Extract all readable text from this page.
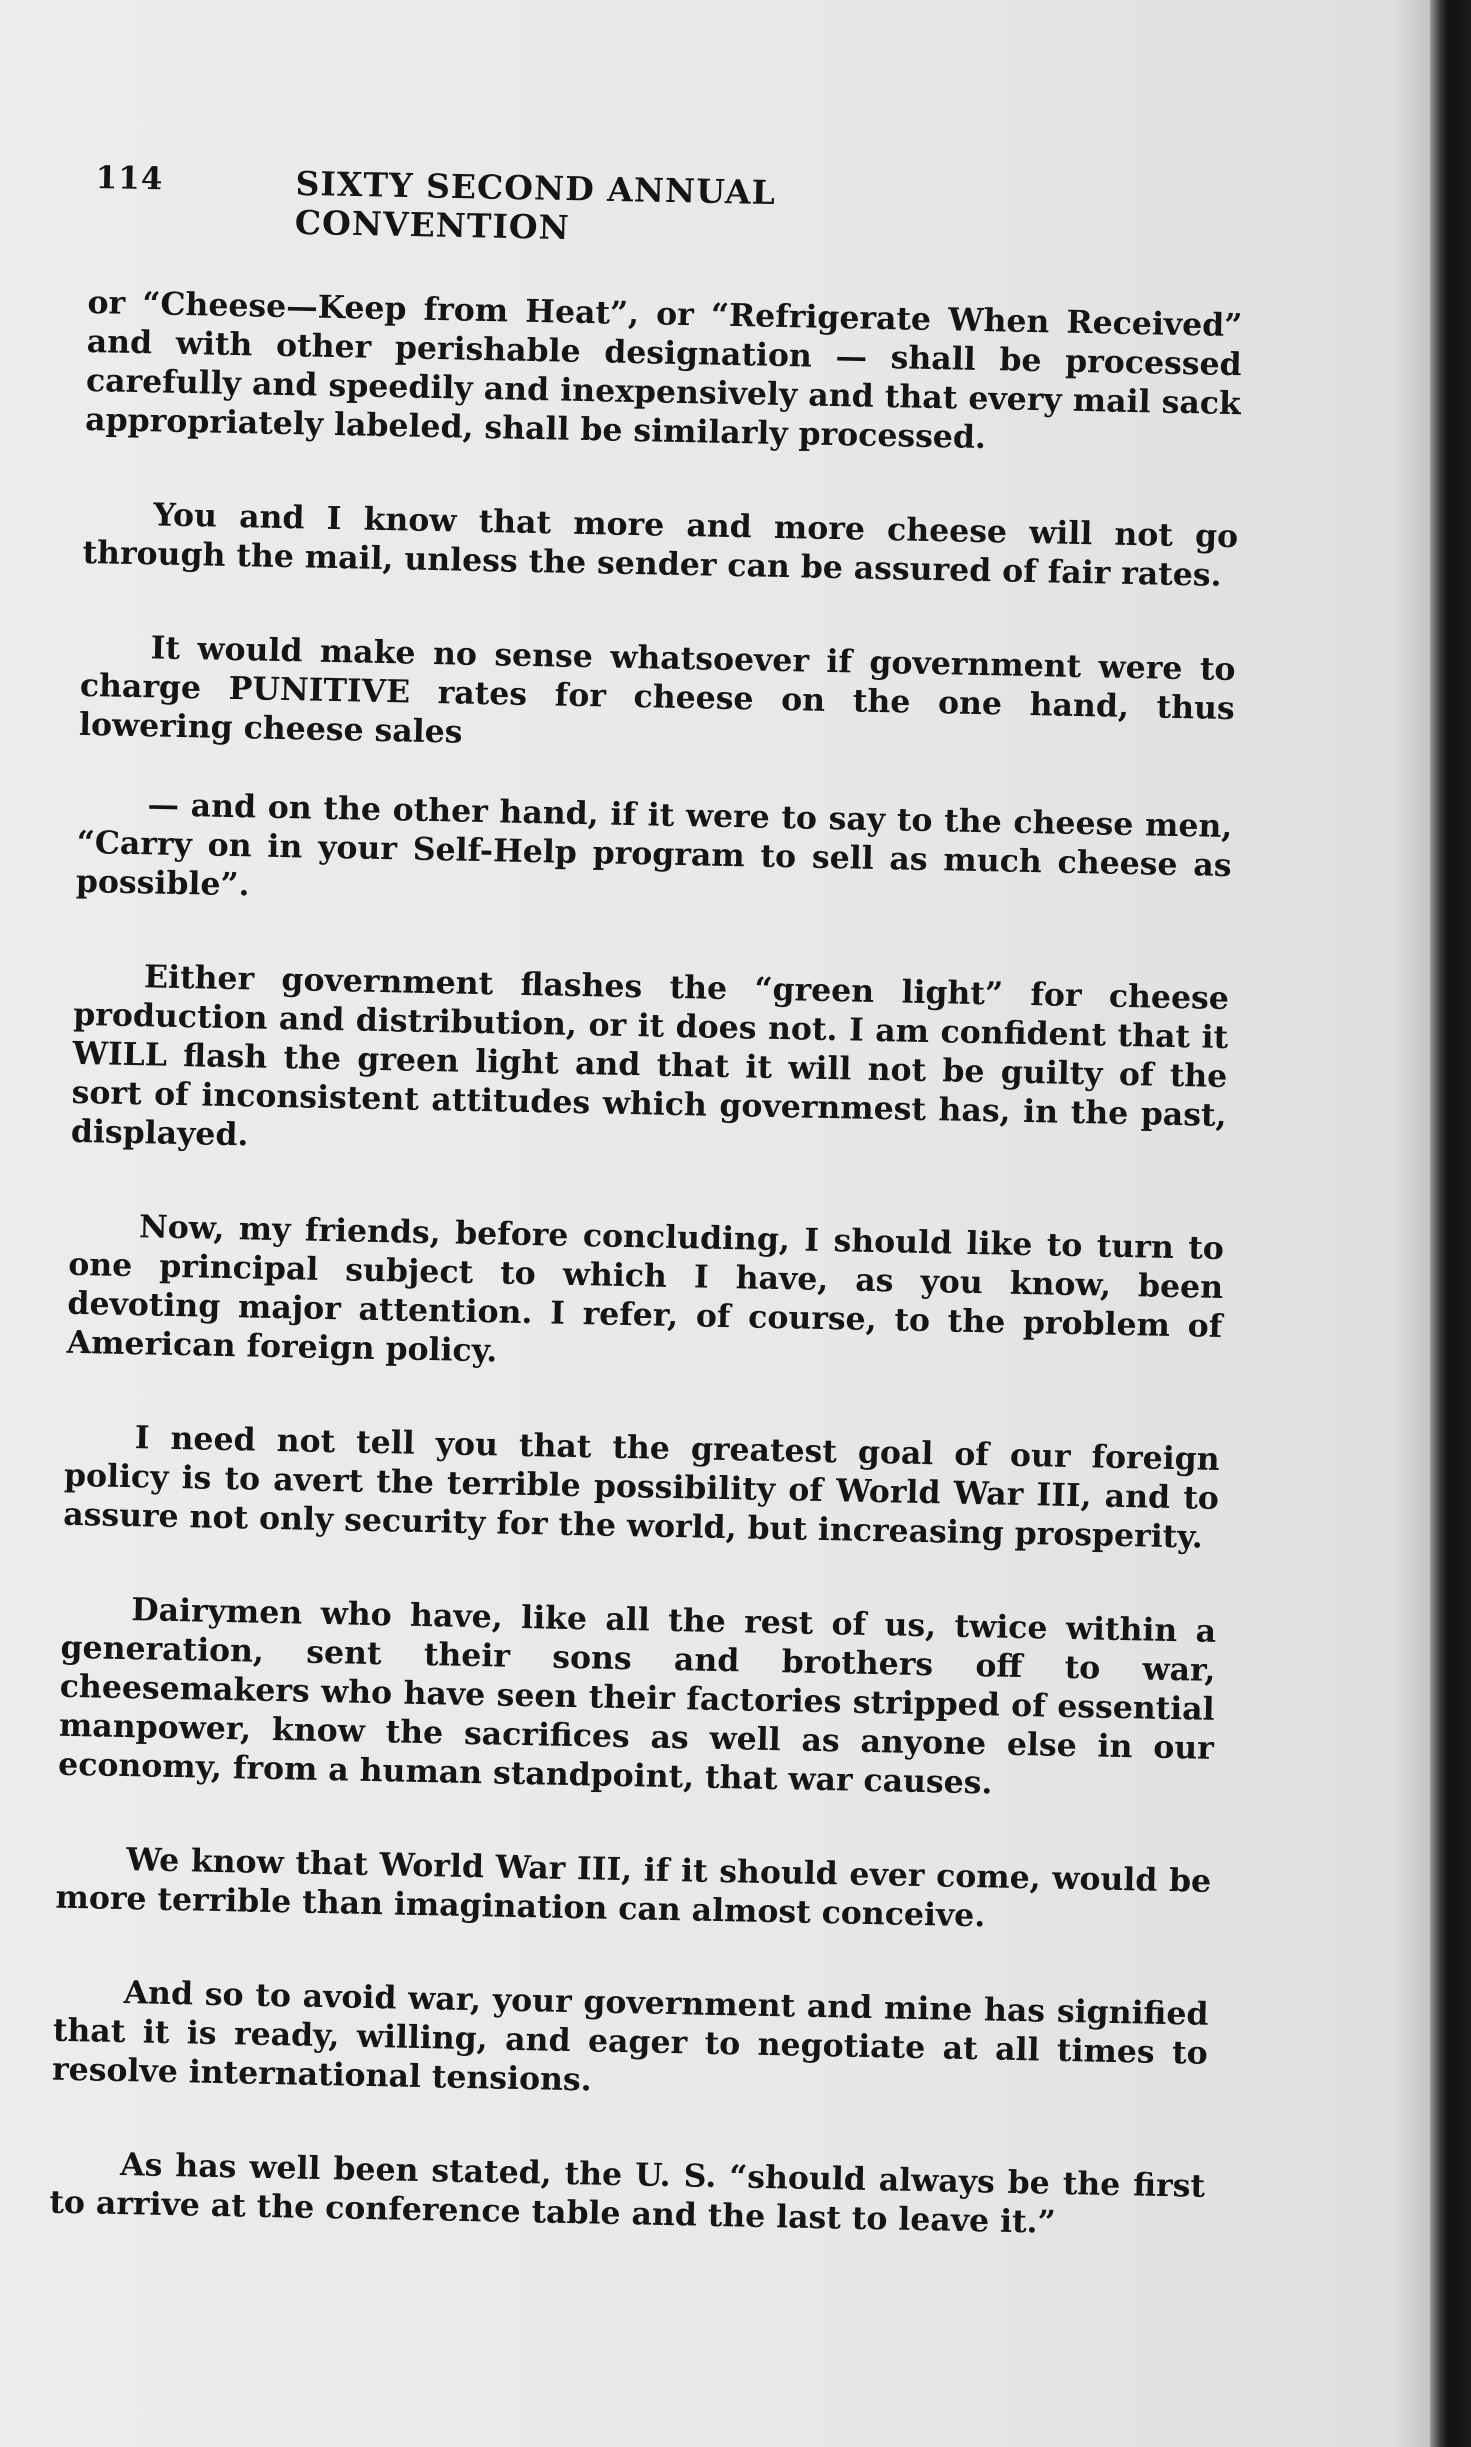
114	SIXTY SECOND ANNUAL CONVENTION

or “Cheese—Keep from Heat”, or “Refrigerate When Received” and with other perishable designation — shall be processed carefully and speedily and inexpensively and that every mail sack appropriately labeled, shall be similarly processed.

You and I know that more and more cheese will not go through the mail, unless the sender can be assured of fair rates.

It would make no sense whatsoever if government were to charge PUNITIVE rates for cheese on the one hand, thus lowering cheese sales

— and on the other hand, if it were to say to the cheese men, “Carry on in your Self-Help program to sell as much cheese as possible”.

Either government flashes the “green light” for cheese production and distribution, or it does not. I am confident that it WILL flash the green light and that it will not be guilty of the sort of inconsistent attitudes which governmest has, in the past, displayed.

Now, my friends, before concluding, I should like to turn to one principal subject to which I have, as you know, been devoting major attention. I refer, of course, to the problem of American foreign policy.

I need not tell you that the greatest goal of our foreign policy is to avert the terrible possibility of World War III, and to assure not only security for the world, but increasing prosperity.

Dairymen who have, like all the rest of us, twice within a generation, sent their sons and brothers off to war, cheesemakers who have seen their factories stripped of essential manpower, know the sacrifices as well as anyone else in our economy, from a human standpoint, that war causes.

We know that World War III, if it should ever come, would be more terrible than imagination can almost conceive.

And so to avoid war, your government and mine has signified that it is ready, willing, and eager to negotiate at all times to resolve international tensions.

As has well been stated, the U. S. “should always be the first to arrive at the conference table and the last to leave it.”
